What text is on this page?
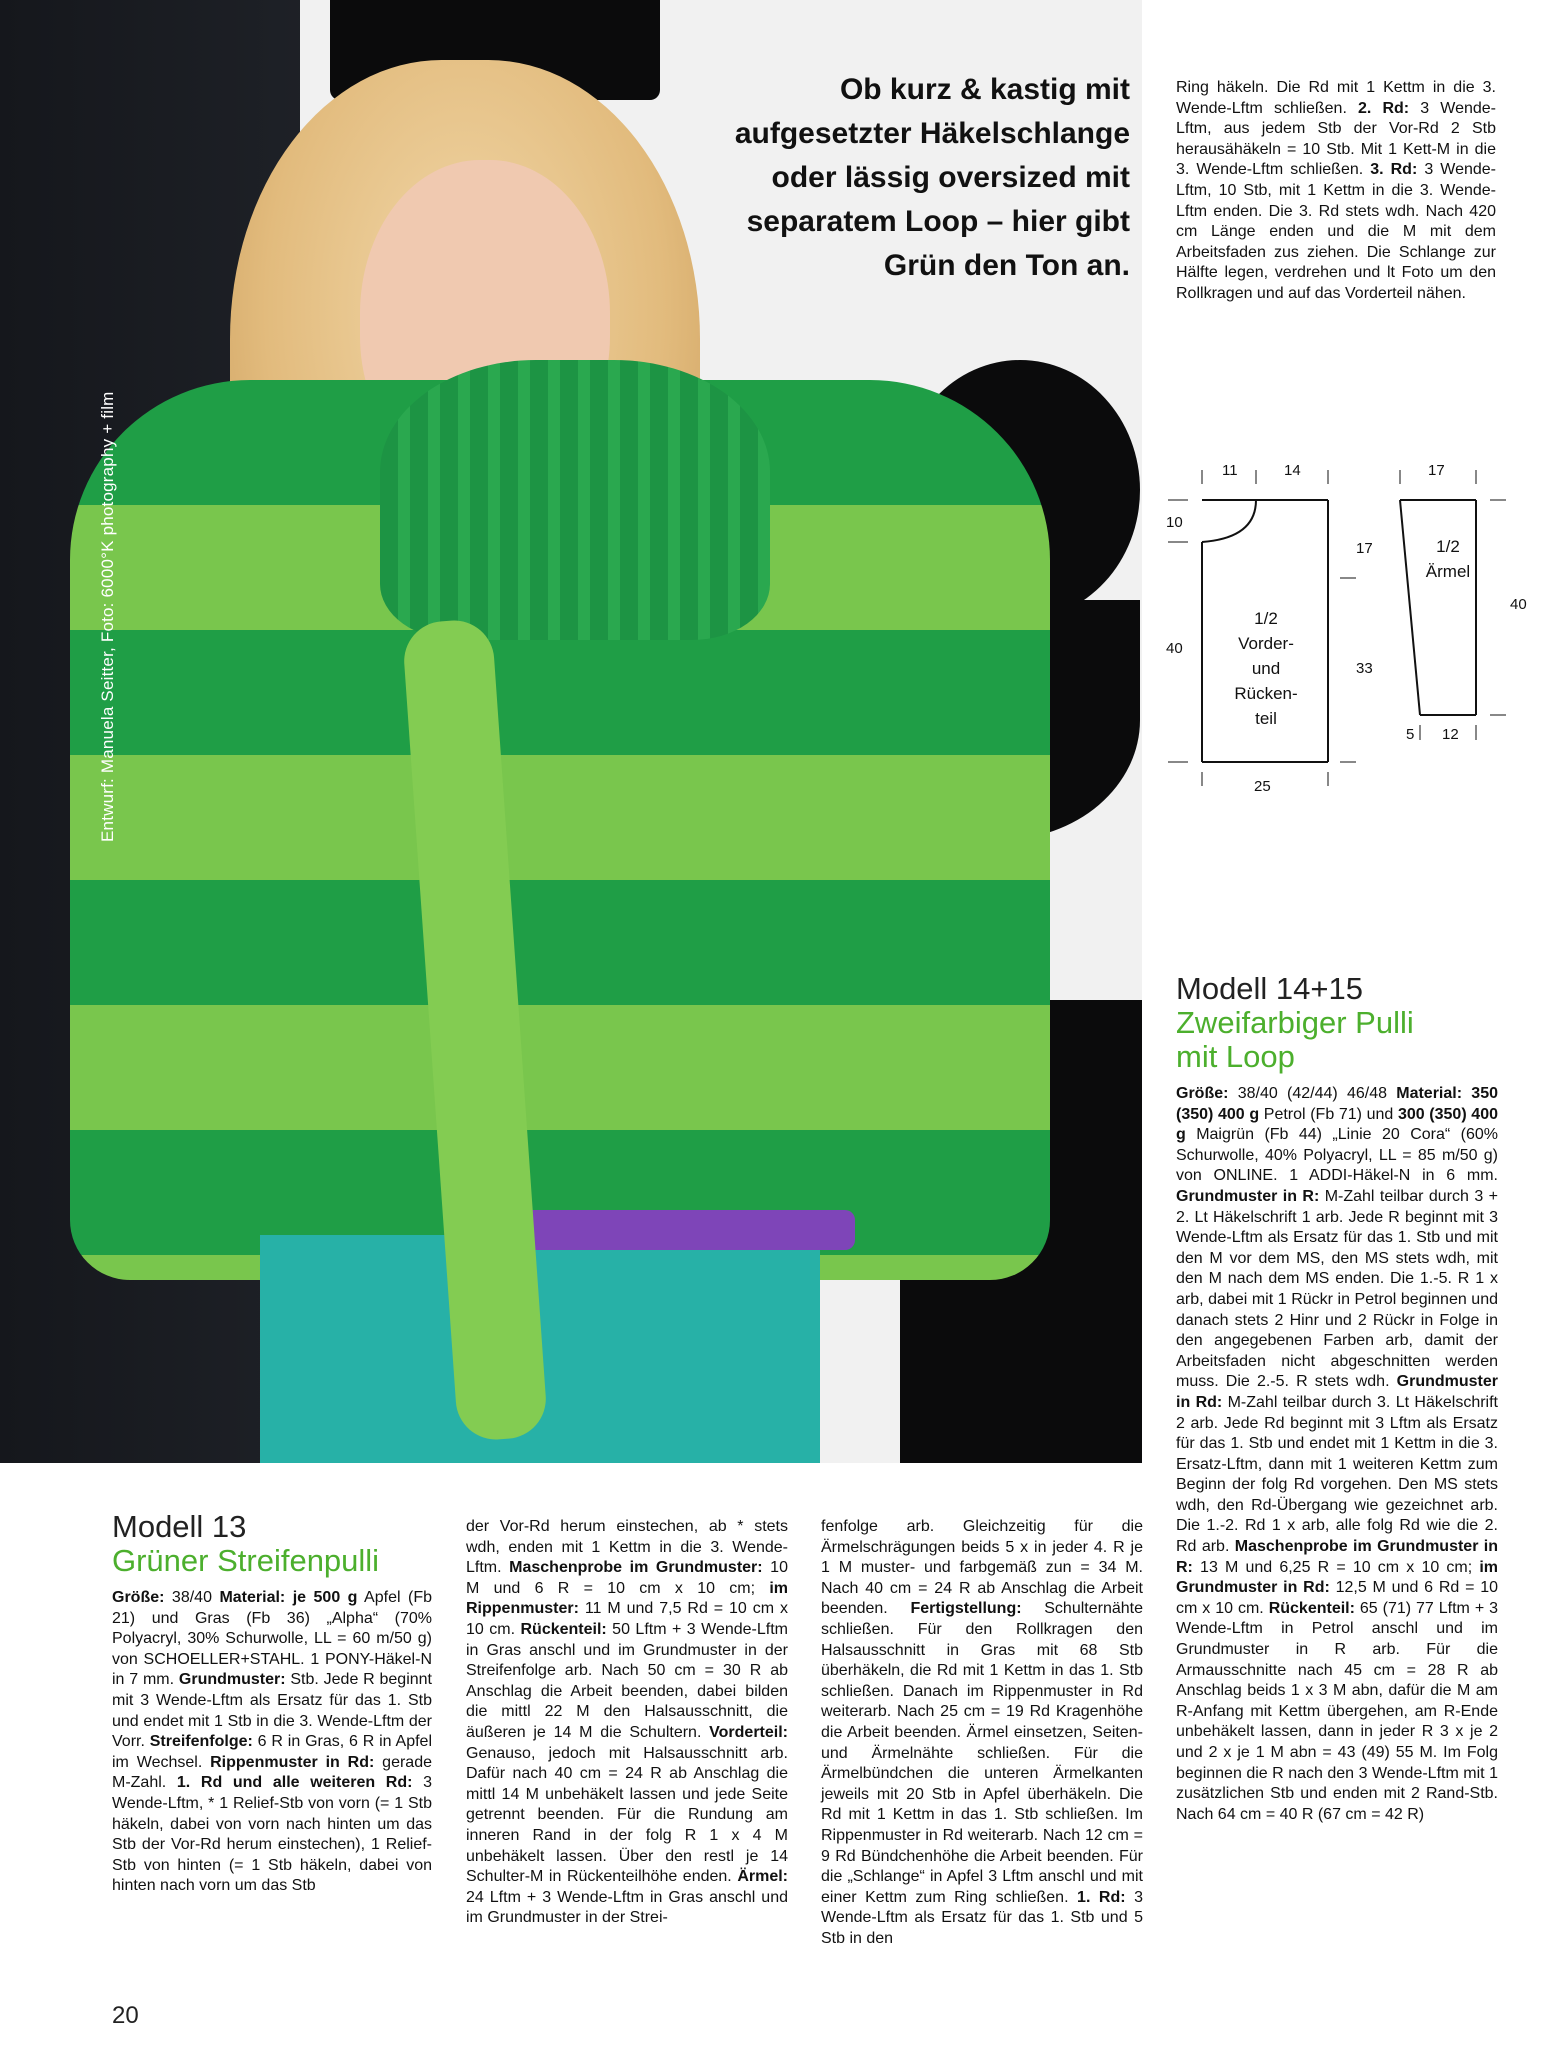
Entwurf: Manuela Seitter, Foto: 6000°K photography + film
Ob kurz & kastig mit
aufgesetzter Häkelschlange
oder lässig oversized mit
separatem Loop – hier gibt
Grün den Ton an.
Ring häkeln. Die Rd mit 1 Kettm in die 3. Wende-Lftm schließen. 2. Rd: 3 Wende-Lftm, aus jedem Stb der Vor-Rd 2 Stb herausähäkeln = 10 Stb. Mit 1 Kett-M in die 3. Wende-Lftm schließen. 3. Rd: 3 Wende-Lftm, 10 Stb, mit 1 Kettm in die 3. Wende-Lftm enden. Die 3. Rd stets wdh. Nach 420 cm Länge enden und die M mit dem Arbeitsfaden zus ziehen. Die Schlange zur Hälfte legen, verdrehen und lt Foto um den Rollkragen und auf das Vorderteil nähen.
11	14	17
10
40
17
33
25
40
5 12
1/2
Vorder-
und
Rücken-
teil
1/2
Ärmel
Modell 14+15
Zweifarbiger Pulli
mit Loop
Größe: 38/40 (42/44) 46/48 Material: 350 (350) 400 g Petrol (Fb 71) und 300 (350) 400 g Maigrün (Fb 44) „Linie 20 Cora“ (60% Schurwolle, 40% Polyacryl, LL = 85 m/50 g) von ONLINE. 1 ADDI-Häkel-N in 6 mm. Grundmuster in R: M-Zahl teilbar durch 3 + 2. Lt Häkelschrift 1 arb. Jede R beginnt mit 3 Wende-Lftm als Ersatz für das 1. Stb und mit den M vor dem MS, den MS stets wdh, mit den M nach dem MS enden. Die 1.-5. R 1 x arb, dabei mit 1 Rückr in Petrol beginnen und danach stets 2 Hinr und 2 Rückr in Folge in den angegebenen Farben arb, damit der Arbeitsfaden nicht abgeschnitten werden muss. Die 2.-5. R stets wdh. Grundmuster in Rd: M-Zahl teilbar durch 3. Lt Häkelschrift 2 arb. Jede Rd beginnt mit 3 Lftm als Ersatz für das 1. Stb und endet mit 1 Kettm in die 3. Ersatz-Lftm, dann mit 1 weiteren Kettm zum Beginn der folg Rd vorgehen. Den MS stets wdh, den Rd-Übergang wie gezeichnet arb. Die 1.-2. Rd 1 x arb, alle folg Rd wie die 2. Rd arb. Maschenprobe im Grundmuster in R: 13 M und 6,25 R = 10 cm x 10 cm; im Grundmuster in Rd: 12,5 M und 6 Rd = 10 cm x 10 cm. Rückenteil: 65 (71) 77 Lftm + 3 Wende-Lftm in Petrol anschl und im Grundmuster in R arb. Für die Armausschnitte nach 45 cm = 28 R ab Anschlag beids 1 x 3 M abn, dafür die M am R-Anfang mit Kettm übergehen, am R-Ende unbehäkelt lassen, dann in jeder R 3 x je 2 und 2 x je 1 M abn = 43 (49) 55 M. Im Folg beginnen die R nach den 3 Wende-Lftm mit 1 zusätzlichen Stb und enden mit 2 Rand-Stb. Nach 64 cm = 40 R (67 cm = 42 R)
Modell 13
Grüner Streifenpulli
Größe: 38/40 Material: je 500 g Apfel (Fb 21) und Gras (Fb 36) „Alpha“ (70% Polyacryl, 30% Schurwolle, LL = 60 m/50 g) von SCHOELLER+STAHL. 1 PONY-Häkel-N in 7 mm. Grundmuster: Stb. Jede R beginnt mit 3 Wende-Lftm als Ersatz für das 1. Stb und endet mit 1 Stb in die 3. Wende-Lftm der Vorr. Streifenfolge: 6 R in Gras, 6 R in Apfel im Wechsel. Rippenmuster in Rd: gerade M-Zahl. 1. Rd und alle weiteren Rd: 3 Wende-Lftm, * 1 Relief-Stb von vorn (= 1 Stb häkeln, dabei von vorn nach hinten um das Stb der Vor-Rd herum einstechen), 1 Relief-Stb von hinten (= 1 Stb häkeln, dabei von hinten nach vorn um das Stb
der Vor-Rd herum einstechen, ab * stets wdh, enden mit 1 Kettm in die 3. Wende-Lftm. Maschenprobe im Grundmuster: 10 M und 6 R = 10 cm x 10 cm; im Rippenmuster: 11 M und 7,5 Rd = 10 cm x 10 cm. Rückenteil: 50 Lftm + 3 Wende-Lftm in Gras anschl und im Grundmuster in der Streifenfolge arb. Nach 50 cm = 30 R ab Anschlag die Arbeit beenden, dabei bilden die mittl 22 M den Halsausschnitt, die äußeren je 14 M die Schultern. Vorderteil: Genauso, jedoch mit Halsausschnitt arb. Dafür nach 40 cm = 24 R ab Anschlag die mittl 14 M unbehäkelt lassen und jede Seite getrennt beenden. Für die Rundung am inneren Rand in der folg R 1 x 4 M unbehäkelt lassen. Über den restl je 14 Schulter-M in Rückenteilhöhe enden. Ärmel: 24 Lftm + 3 Wende-Lftm in Gras anschl und im Grundmuster in der Strei-
fenfolge arb. Gleichzeitig für die Ärmelschrägungen beids 5 x in jeder 4. R je 1 M muster- und farbgemäß zun = 34 M. Nach 40 cm = 24 R ab Anschlag die Arbeit beenden. Fertigstellung: Schulternähte schließen. Für den Rollkragen den Halsausschnitt in Gras mit 68 Stb überhäkeln, die Rd mit 1 Kettm in das 1. Stb schließen. Danach im Rippenmuster in Rd weiterarb. Nach 25 cm = 19 Rd Kragenhöhe die Arbeit beenden. Ärmel einsetzen, Seiten- und Ärmelnähte schließen. Für die Ärmelbündchen die unteren Ärmelkanten jeweils mit 20 Stb in Apfel überhäkeln. Die Rd mit 1 Kettm in das 1. Stb schließen. Im Rippenmuster in Rd weiterarb. Nach 12 cm = 9 Rd Bündchenhöhe die Arbeit beenden. Für die „Schlange“ in Apfel 3 Lftm anschl und mit einer Kettm zum Ring schließen. 1. Rd: 3 Wende-Lftm als Ersatz für das 1. Stb und 5 Stb in den
20
